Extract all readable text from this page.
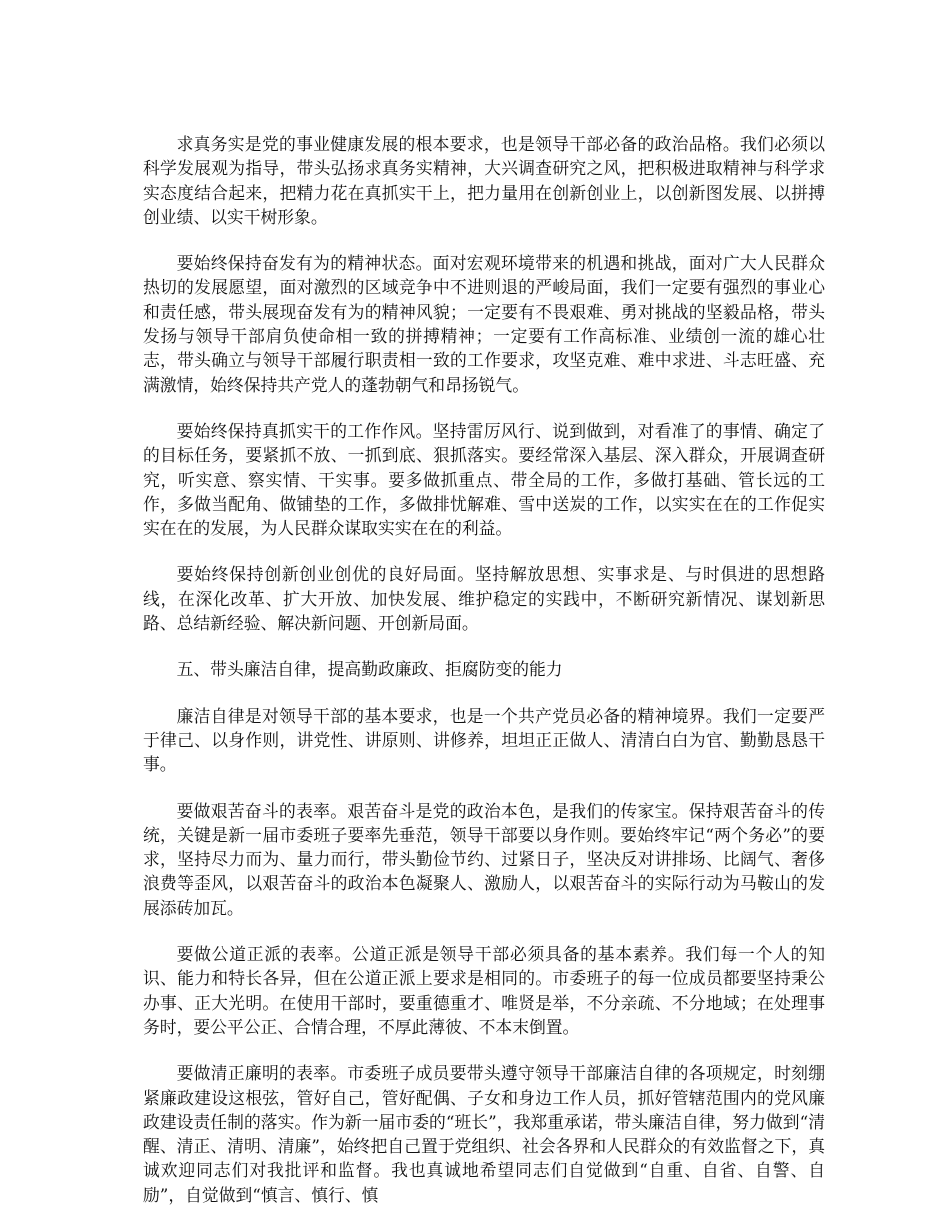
求真务实是党的事业健康发展的根本要求，也是领导干部必备的政治品格。我们必须以科学发展观为指导，带头弘扬求真务实精神，大兴调查研究之风，把积极进取精神与科学求实态度结合起来，把精力花在真抓实干上，把力量用在创新创业上，以创新图发展、以拼搏创业绩、以实干树形象。

要始终保持奋发有为的精神状态。面对宏观环境带来的机遇和挑战，面对广大人民群众热切的发展愿望，面对激烈的区域竞争中不进则退的严峻局面，我们一定要有强烈的事业心和责任感，带头展现奋发有为的精神风貌；一定要有不畏艰难、勇对挑战的坚毅品格，带头发扬与领导干部肩负使命相一致的拼搏精神；一定要有工作高标准、业绩创一流的雄心壮志，带头确立与领导干部履行职责相一致的工作要求，攻坚克难、难中求进、斗志旺盛、充满激情，始终保持共产党人的蓬勃朝气和昂扬锐气。

要始终保持真抓实干的工作作风。坚持雷厉风行、说到做到，对看准了的事情、确定了的目标任务，要紧抓不放、一抓到底、狠抓落实。要经常深入基层、深入群众，开展调查研究，听实意、察实情、干实事。要多做抓重点、带全局的工作，多做打基础、管长远的工作，多做当配角、做铺垫的工作，多做排忧解难、雪中送炭的工作，以实实在在的工作促实实在在的发展，为人民群众谋取实实在在的利益。

要始终保持创新创业创优的良好局面。坚持解放思想、实事求是、与时俱进的思想路线，在深化改革、扩大开放、加快发展、维护稳定的实践中，不断研究新情况、谋划新思路、总结新经验、解决新问题、开创新局面。

五、带头廉洁自律，提高勤政廉政、拒腐防变的能力

廉洁自律是对领导干部的基本要求，也是一个共产党员必备的精神境界。我们一定要严于律己、以身作则，讲党性、讲原则、讲修养，坦坦正正做人、清清白白为官、勤勤恳恳干事。

要做艰苦奋斗的表率。艰苦奋斗是党的政治本色，是我们的传家宝。保持艰苦奋斗的传统，关键是新一届市委班子要率先垂范，领导干部要以身作则。要始终牢记“两个务必”的要求，坚持尽力而为、量力而行，带头勤俭节约、过紧日子，坚决反对讲排场、比阔气、奢侈浪费等歪风，以艰苦奋斗的政治本色凝聚人、激励人，以艰苦奋斗的实际行动为马鞍山的发展添砖加瓦。

要做公道正派的表率。公道正派是领导干部必须具备的基本素养。我们每一个人的知识、能力和特长各异，但在公道正派上要求是相同的。市委班子的每一位成员都要坚持秉公办事、正大光明。在使用干部时，要重德重才、唯贤是举，不分亲疏、不分地域；在处理事务时，要公平公正、合情合理，不厚此薄彼、不本末倒置。

要做清正廉明的表率。市委班子成员要带头遵守领导干部廉洁自律的各项规定，时刻绷紧廉政建设这根弦，管好自己，管好配偶、子女和身边工作人员，抓好管辖范围内的党风廉政建设责任制的落实。作为新一届市委的“班长”，我郑重承诺，带头廉洁自律，努力做到“清醒、清正、清明、清廉”，始终把自己置于党组织、社会各界和人民群众的有效监督之下，真诚欢迎同志们对我批评和监督。我也真诚地希望同志们自觉做到“自重、自省、自警、自励”，自觉做到“慎言、慎行、慎
